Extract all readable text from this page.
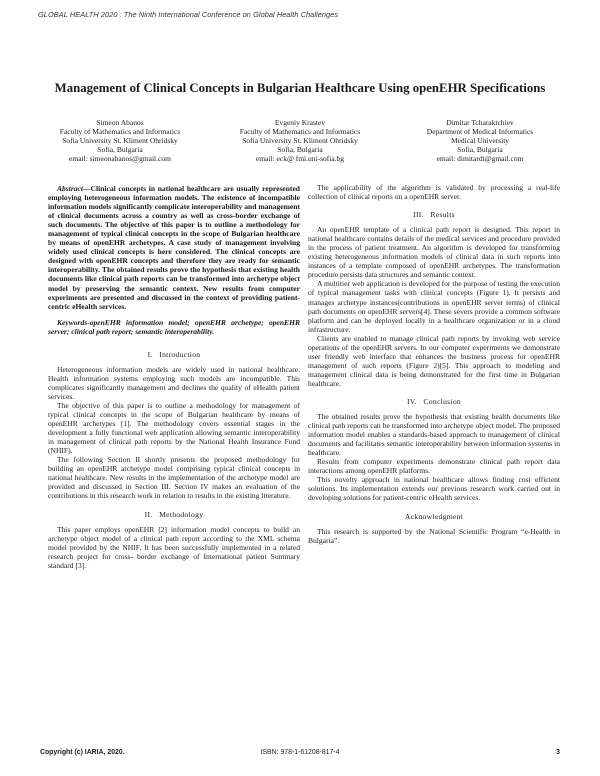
GLOBAL HEALTH 2020 : The Ninth International Conference on Global Health Challenges
Management of Clinical Concepts in Bulgarian Healthcare Using openEHR Specifications
Simeon Abanos
Faculty of Mathematics and Informatics
Sofia University St. Kliment Ohridsky
Sofia, Bulgaria
email: simeonabanos@gmail.com
Evgeniy Krastev
Faculty of Mathematics and Informatics
Sofia University St. Kliment Ohridsky
Sofia, Bulgaria
email: eck@ fmi.uni-sofia.bg
Dimitar Tcharaktchiev
Department of Medical Informatics
Medical University
Sofia, Bulgaria
email: dimitardt@gmail.com

Abstract—Clinical concepts in national healthcare are usually represented employing heterogeneous information models. The existence of incompatible information models significantly complicate interoperability and management of clinical documents across a country as well as cross-border exchange of such documents. The objective of this paper is to outline a methodology for management of typical clinical concepts in the scope of Bulgarian healthcare by means of openEHR archetypes. A case study of management involving widely used clinical concepts is here considered. The clinical concepts are designed with openEHR concepts and therefore they are ready for semantic interoperability. The obtained results prove the hypothesis that existing health documents like clinical path reports can be transformed into archetype object model by preserving the semantic context. New results from computer experiments are presented and discussed in the context of providing patient- centric eHealth services.

Keywords-openEHR information model; openEHR archetype; openEHR server; clinical path report; semantic interoperability.

I. Introduction

Heterogeneous information models are widely used in national healthcare. Health information systems employing such models are incompatible. This complicates significantly management and declines the quality of eHealth patient services.

The objective of this paper is to outline a methodology for management of typical clinical concepts in the scope of Bulgarian healthcare by means of openEHR archetypes [1]. The methodology covers essential stages in the development a fully functional web application allowing semantic interoperability in management of clinical path reports by the National Health Insurance Fund (NHIF).

The following Section II shortly presents the proposed methodology for building an openEHR archetype model comprising typical clinical concepts in national healthcare. New results in the implementation of the archetype model are provided and discussed in Section III. Section IV makes an evaluation of the contributions in this research work in relation to results in the existing literature.

II. Methodology

This paper employs openEHR [2] information model concepts to build an archetype object model of a clinical path report according to the XML schema model provided by the NHIF. It has been successfully implemented in a related research project for cross- border exchange of International patient Summary standard [3].

The applicability of the algorithm is validated by processing a real-life collection of clinical reports on a openEHR server.

III. Results

An openEHR template of a clinical path report is designed. This report in national healthcare contains details of the medical services and procedure provided in the process of patient treatment. An algorithm is developed for transforming existing heterogeneous information models of clinical data in such reports into instances of a template composed of openEHR archetypes. The transformation procedure persists data structures and semantic context.

A multitier web application is developed for the purpose of testing the execution of typical management tasks with clinical concepts (Figure 1). It persists and manages archetype instances(contributions in openEHR server terms) of clinical path documents on openEHR servers[4]. These severs provide a common software platform and can be deployed locally in a healthcare organization or in a cloud infrastructure.

Clients are enabled to manage clinical path reports by invoking web service operations of the openEHR servers. In our computer experiments we demonstrate user friendly web interface that enhances the business process for openEHR management of such reports (Figure 2)[5]. This approach to modeling and management clinical data is being demonstrated for the first time in Bulgarian healthcare.

IV. Conclusion

The obtained results prove the hypothesis that existing health documents like clinical path reports can be transformed into archetype object model. The proposed information model enables a standards-based approach to management of clinical documents and facilitates semantic interoperability between information systems in healthcare.

Results from computer experiments demonstrate clinical path report data interactions among openEHR platforms.

This novelty approach in national healthcare allows finding cost efficient solutions. Its implementation extends our previous research work carried out in developing solutions for patient-centric eHealth services.

Acknowledgment

This research is supported by the National Scientific Program “e-Health in Bulgaria”.

Copyright (c) IARIA, 2020.	ISBN: 978-1-61208-817-4	3
